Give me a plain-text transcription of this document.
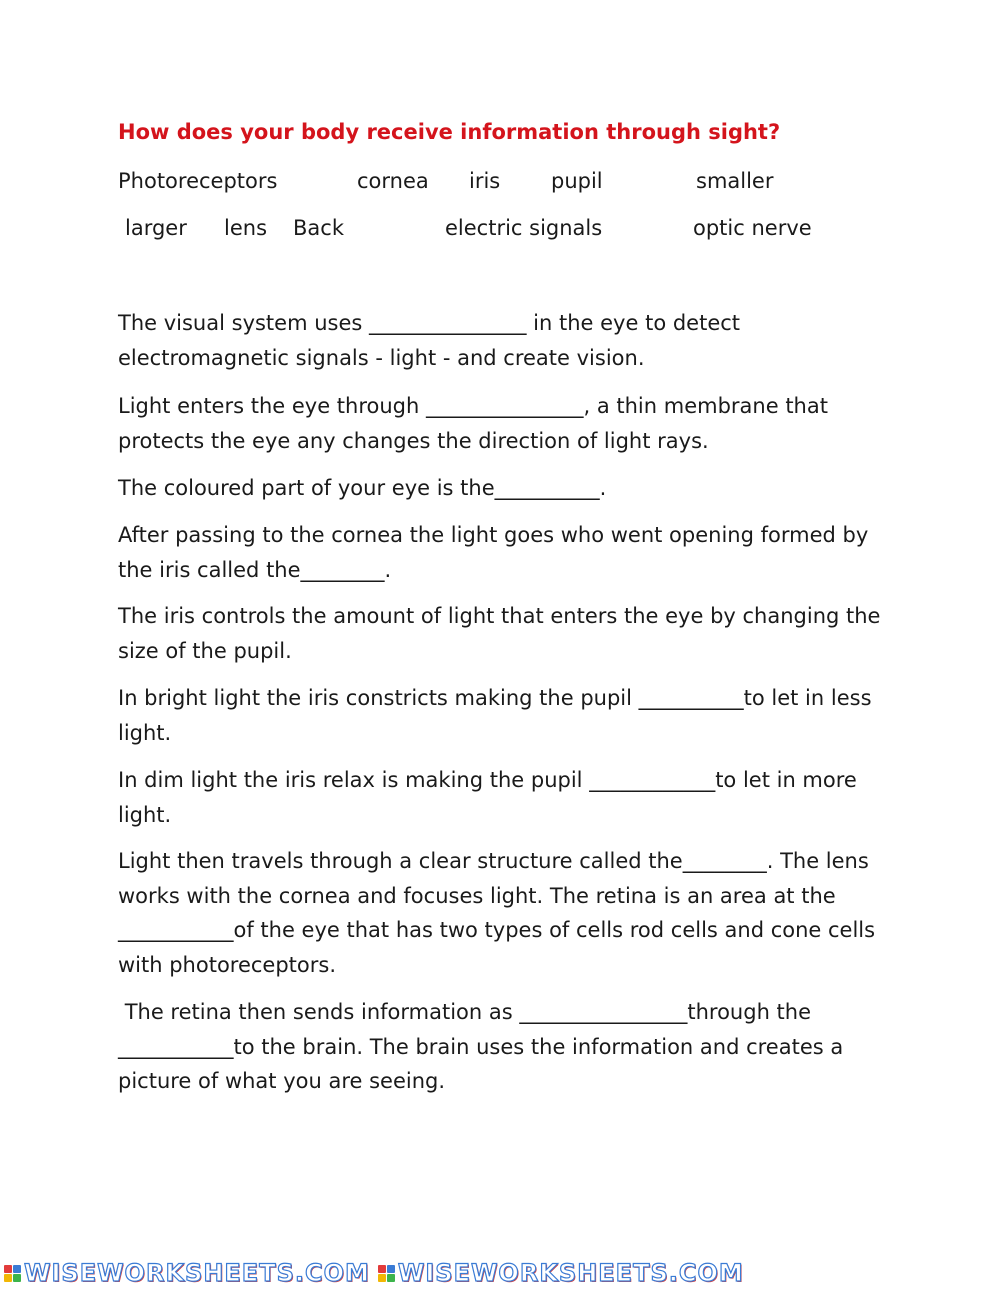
How does your body receive information through sight?
Photoreceptors	cornea iris pupil	smaller
larger lens Back	electric signals	optic nerve

The visual system uses _______________ in the eye to detect electromagnetic signals - light - and create vision.

Light enters the eye through _______________, a thin membrane that protects the eye any changes the direction of light rays.

The coloured part of your eye is the__________.

After passing to the cornea the light goes who went opening formed by the iris called the________.

The iris controls the amount of light that enters the eye by changing the size of the pupil.

In bright light the iris constricts making the pupil __________to let in less light.

In dim light the iris relax is making the pupil ____________to let in more light.

Light then travels through a clear structure called the________. The lens works with the cornea and focuses light. The retina is an area at the ___________of the eye that has two types of cells rod cells and cone cells with photoreceptors.

The retina then sends information as ________________through the ___________to the brain. The brain uses the information and creates a picture of what you are seeing.

WISEWORKSHEETS.COM WISEWORKSHEETS.COM
